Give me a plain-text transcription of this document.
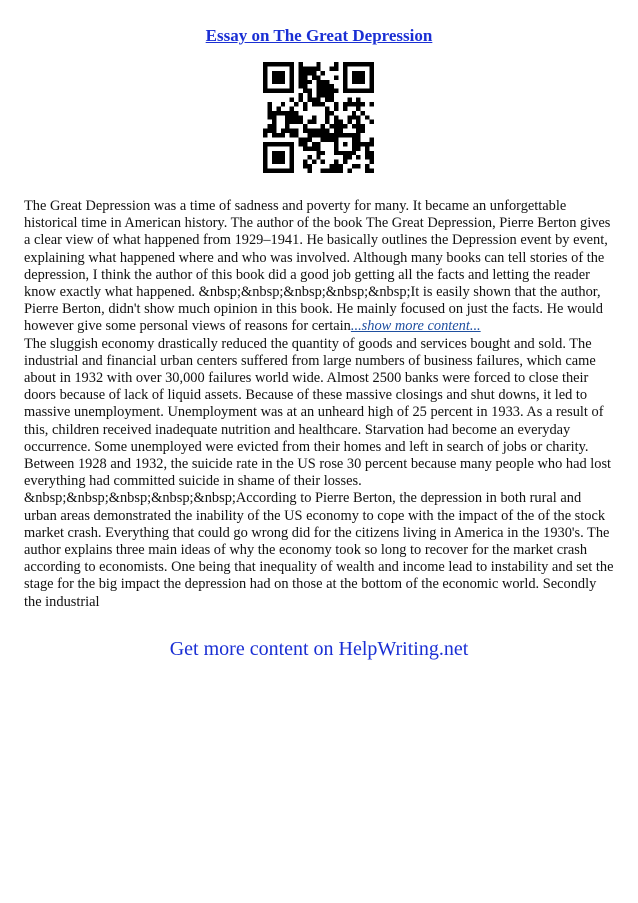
Essay on The Great Depression

The Great Depression was a time of sadness and poverty for many. It became an unforgettable historical time in American history. The author of the book The Great Depression, Pierre Berton gives a clear view of what happened from 1929–1941. He basically outlines the Depression event by event, explaining what happened where and who was involved. Although many books can tell stories of the depression, I think the author of this book did a good job getting all the facts and letting the reader know exactly what happened. &nbsp;&nbsp;&nbsp;&nbsp;&nbsp;It is easily shown that the author, Pierre Berton, didn't show much opinion in this book. He mainly focused on just the facts. He would however give some personal views of reasons for certain...show more content...

The sluggish economy drastically reduced the quantity of goods and services bought and sold. The industrial and financial urban centers suffered from large numbers of business failures, which came about in 1932 with over 30,000 failures world wide. Almost 2500 banks were forced to close their doors because of lack of liquid assets. Because of these massive closings and shut downs, it led to massive unemployment. Unemployment was at an unheard high of 25 percent in 1933. As a result of this, children received inadequate nutrition and healthcare. Starvation had become an everyday occurrence. Some unemployed were evicted from their homes and left in search of jobs or charity. Between 1928 and 1932, the suicide rate in the US rose 30 percent because many people who had lost everything had committed suicide in shame of their losses. &nbsp;&nbsp;&nbsp;&nbsp;&nbsp;According to Pierre Berton, the depression in both rural and urban areas demonstrated the inability of the US economy to cope with the impact of the of the stock market crash. Everything that could go wrong did for the citizens living in America in the 1930's. The author explains three main ideas of why the economy took so long to recover for the market crash according to economists. One being that inequality of wealth and income lead to instability and set the stage for the big impact the depression had on those at the bottom of the economic world. Secondly the industrial

Get more content on HelpWriting.net
